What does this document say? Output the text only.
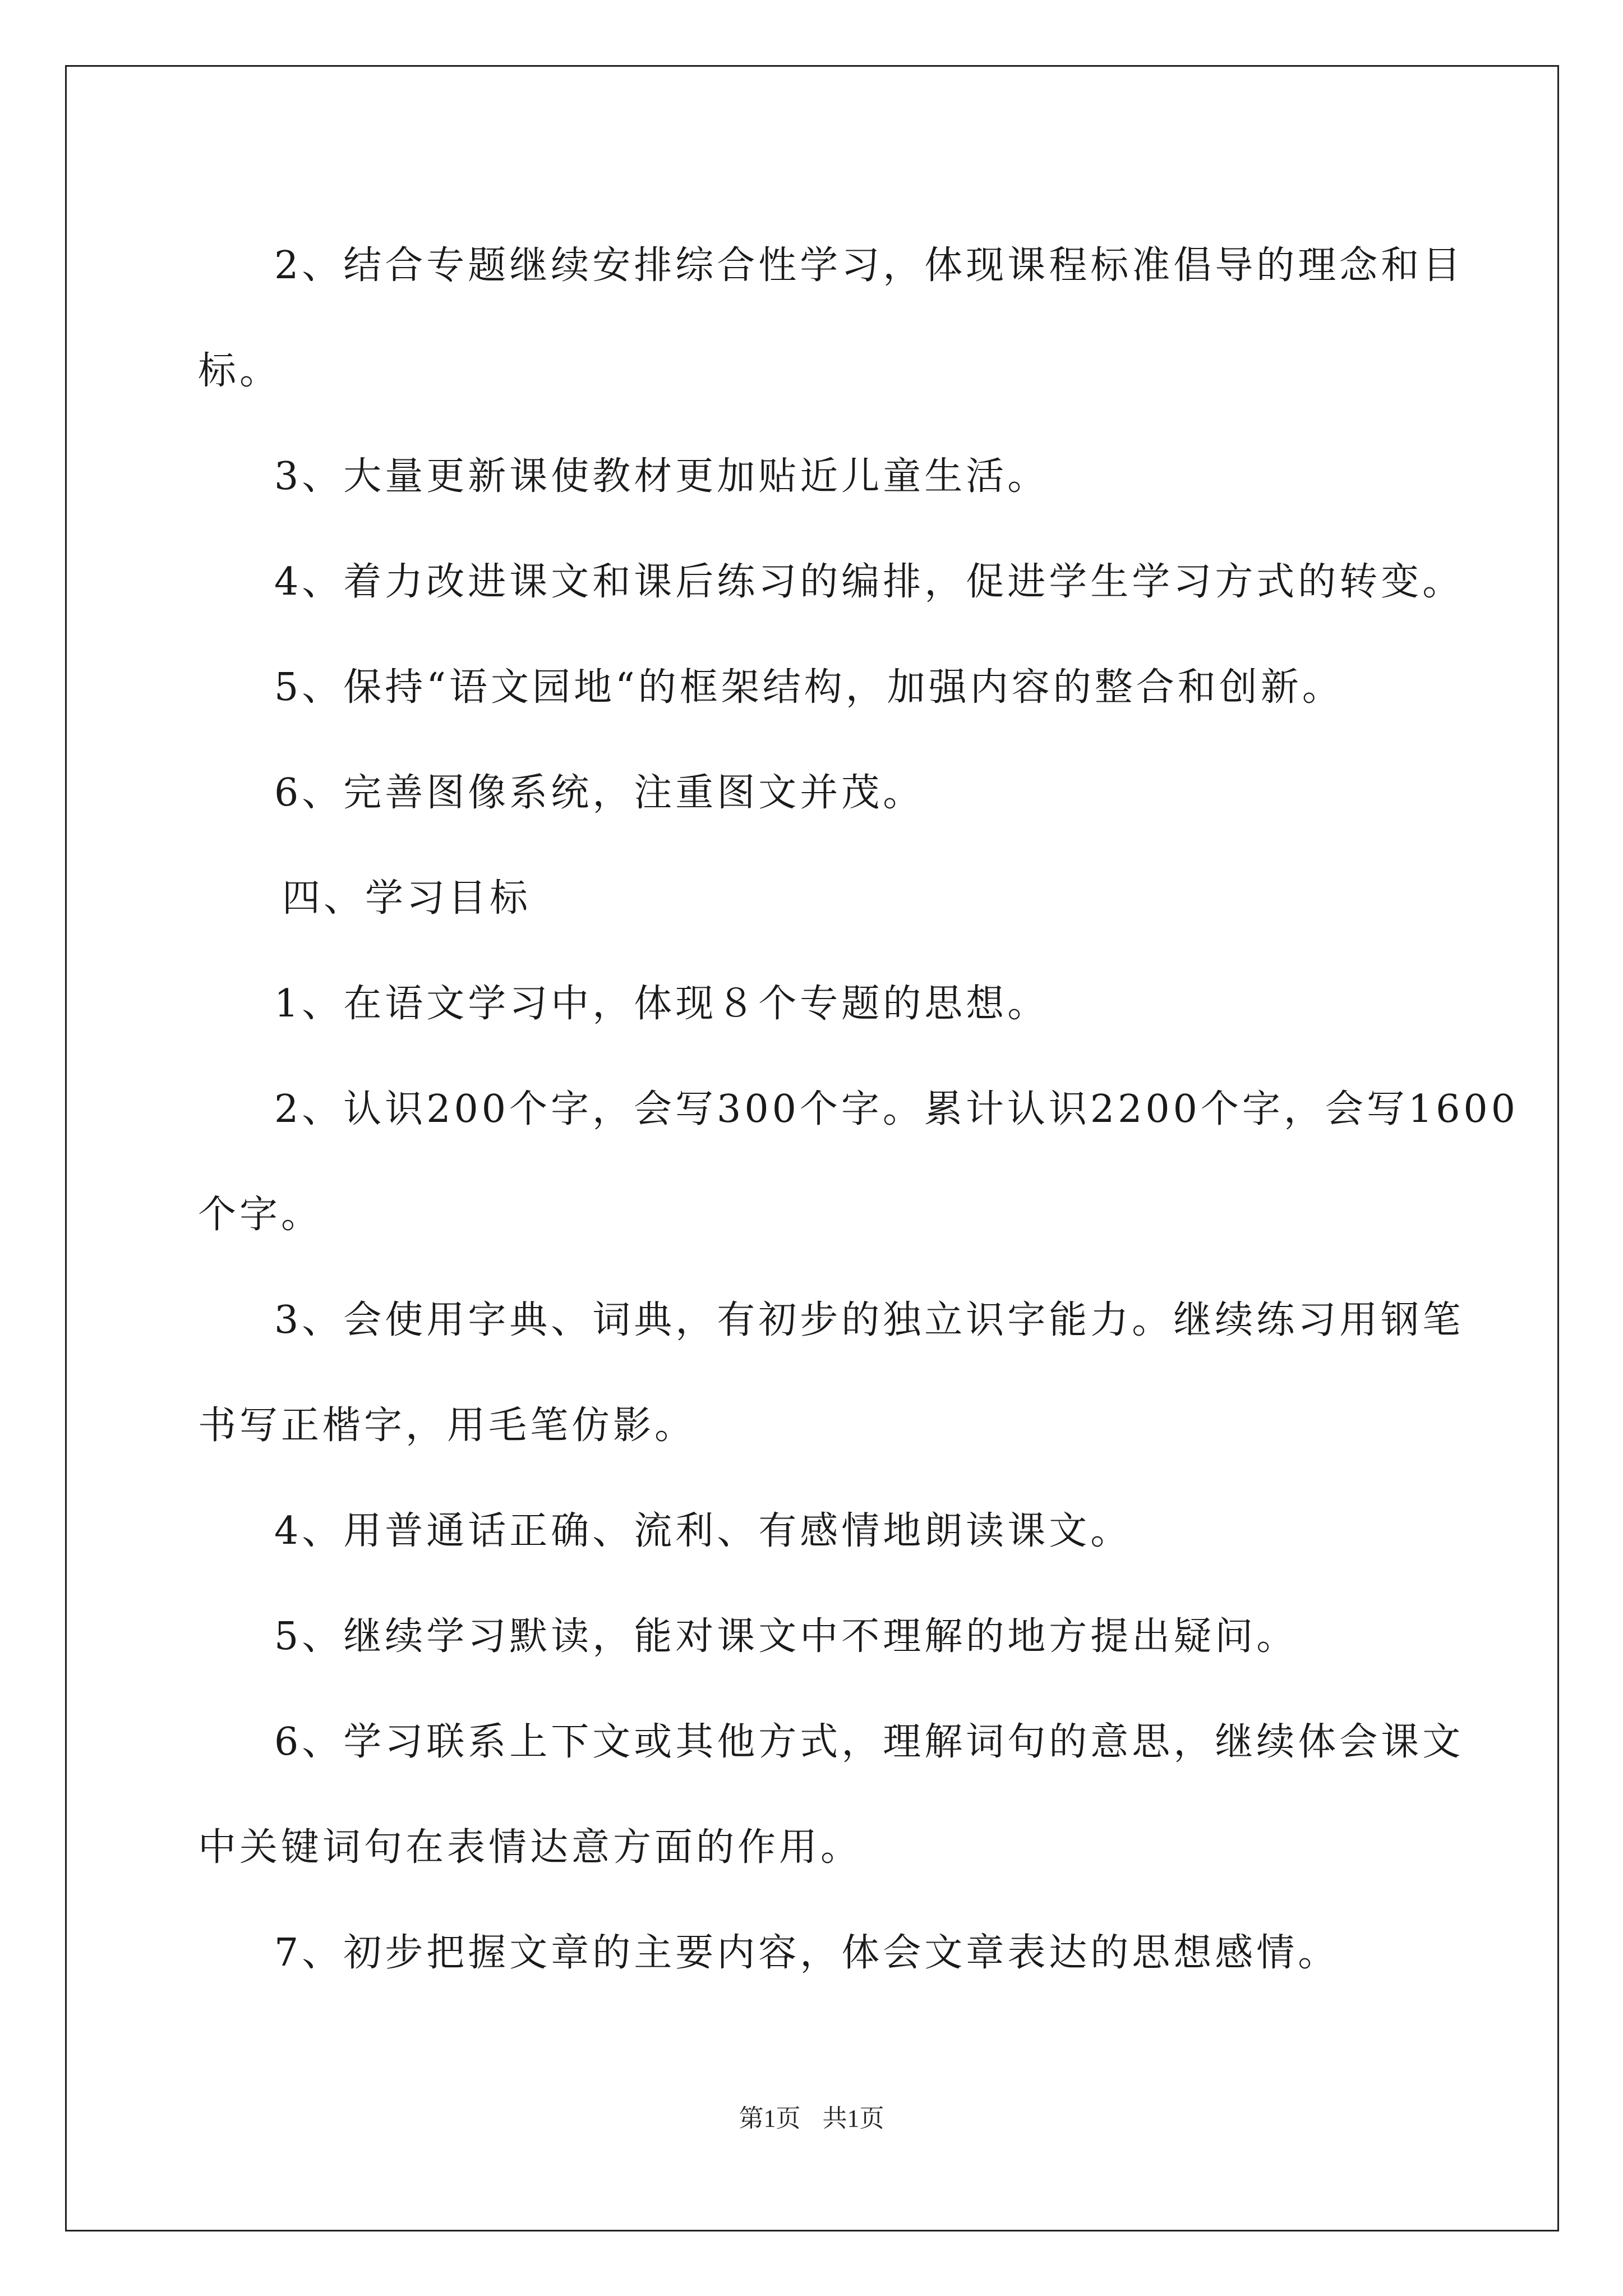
2、结合专题继续安排综合性学习，体现课程标准倡导的理念和目
标。

3、大量更新课使教材更加贴近儿童生活。

4、着力改进课文和课后练习的编排，促进学生学习方式的转变。

5、保持“语文园地“的框架结构，加强内容的整合和创新。

6、完善图像系统，注重图文并茂。

四、学习目标

1、在语文学习中，体现８个专题的思想。

2、认识200个字，会写300个字。累计认识2200个字，会写1600
个字。

3、会使用字典、词典，有初步的独立识字能力。继续练习用钢笔
书写正楷字，用毛笔仿影。

4、用普通话正确、流利、有感情地朗读课文。

5、继续学习默读，能对课文中不理解的地方提出疑问。

6、学习联系上下文或其他方式，理解词句的意思，继续体会课文
中关键词句在表情达意方面的作用。

7、初步把握文章的主要内容，体会文章表达的思想感情。

第1页 共1页
